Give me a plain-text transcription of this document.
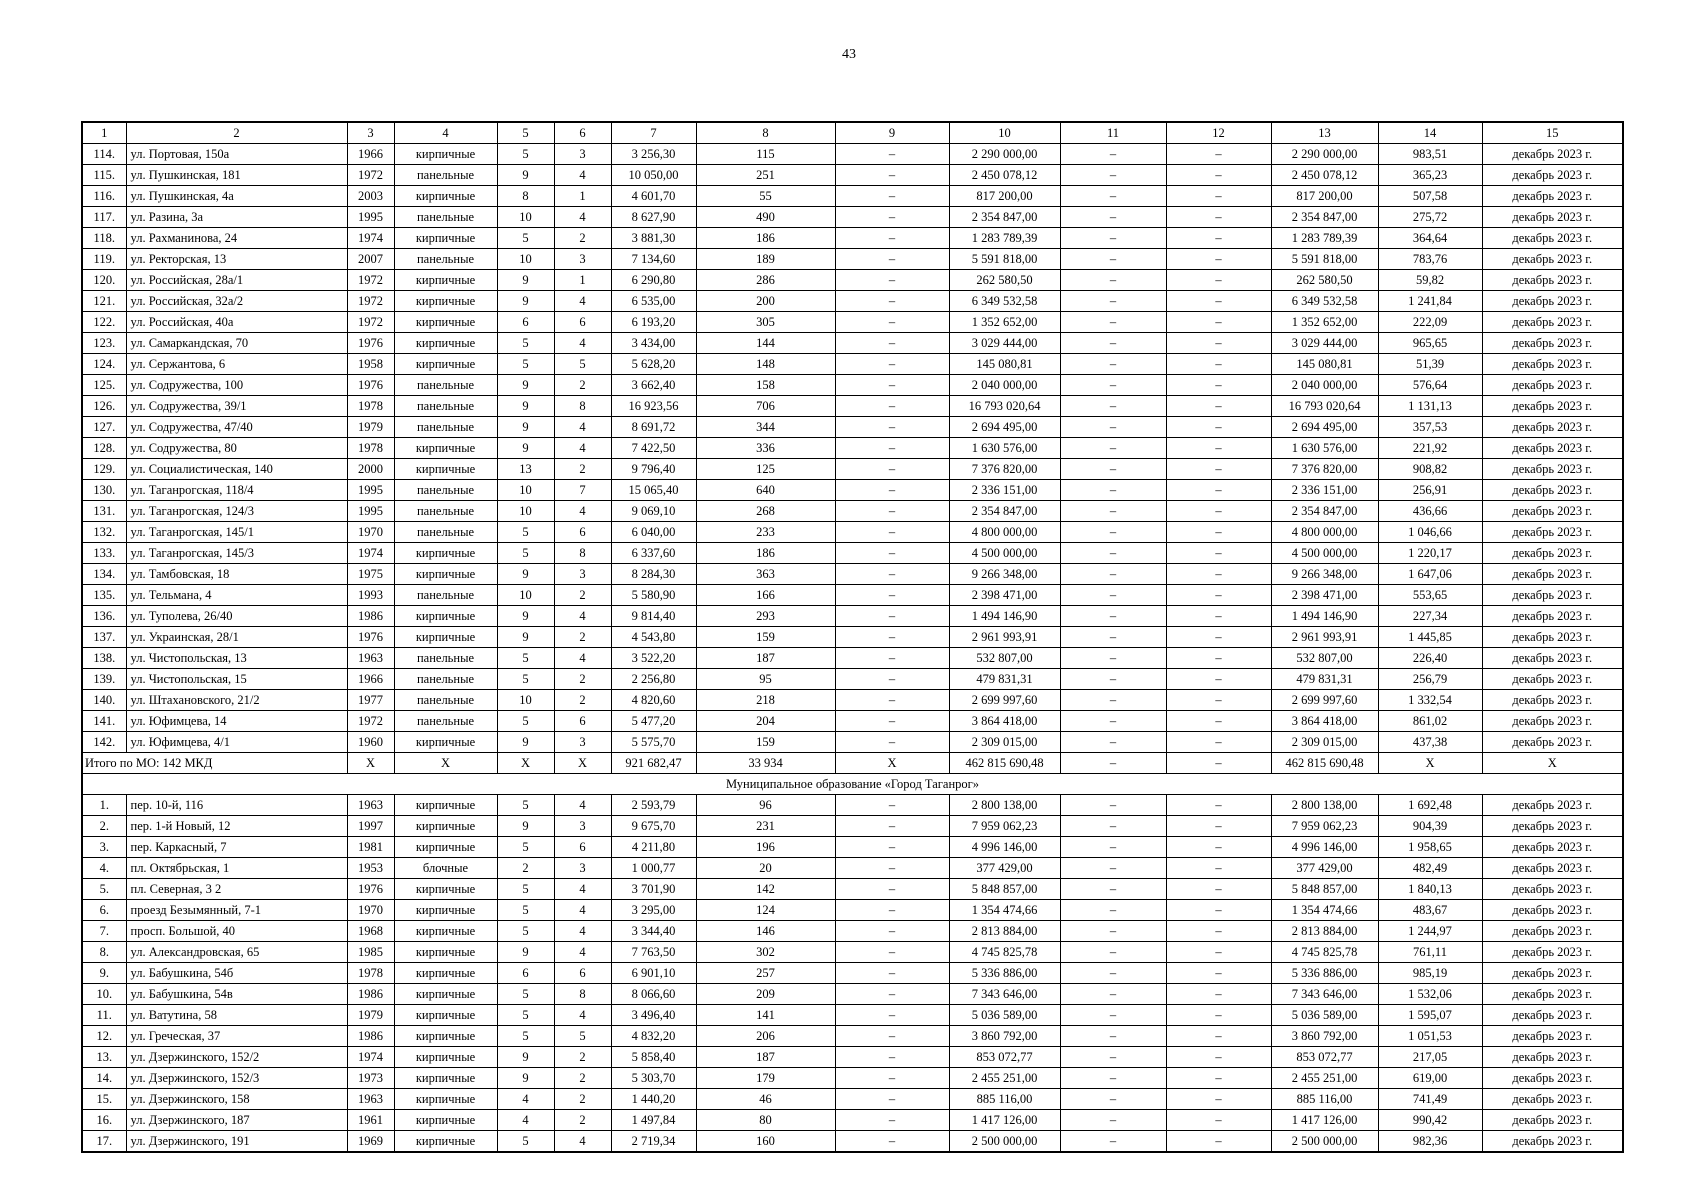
43
1	2	3	4	5	6	7	8	9	10	11	12	13	14	15
114.	ул. Портовая, 150а	1966	кирпичные	5	3	3 256,30	115	–	2 290 000,00	–	–	2 290 000,00	983,51	декабрь 2023 г.
115.	ул. Пушкинская, 181	1972	панельные	9	4	10 050,00	251	–	2 450 078,12	–	–	2 450 078,12	365,23	декабрь 2023 г.
116.	ул. Пушкинская, 4а	2003	кирпичные	8	1	4 601,70	55	–	817 200,00	–	–	817 200,00	507,58	декабрь 2023 г.
117.	ул. Разина, 3а	1995	панельные	10	4	8 627,90	490	–	2 354 847,00	–	–	2 354 847,00	275,72	декабрь 2023 г.
118.	ул. Рахманинова, 24	1974	кирпичные	5	2	3 881,30	186	–	1 283 789,39	–	–	1 283 789,39	364,64	декабрь 2023 г.
119.	ул. Ректорская, 13	2007	панельные	10	3	7 134,60	189	–	5 591 818,00	–	–	5 591 818,00	783,76	декабрь 2023 г.
120.	ул. Российская, 28а/1	1972	кирпичные	9	1	6 290,80	286	–	262 580,50	–	–	262 580,50	59,82	декабрь 2023 г.
121.	ул. Российская, 32а/2	1972	кирпичные	9	4	6 535,00	200	–	6 349 532,58	–	–	6 349 532,58	1 241,84	декабрь 2023 г.
122.	ул. Российская, 40а	1972	кирпичные	6	6	6 193,20	305	–	1 352 652,00	–	–	1 352 652,00	222,09	декабрь 2023 г.
123.	ул. Самаркандская, 70	1976	кирпичные	5	4	3 434,00	144	–	3 029 444,00	–	–	3 029 444,00	965,65	декабрь 2023 г.
124.	ул. Сержантова, 6	1958	кирпичные	5	5	5 628,20	148	–	145 080,81	–	–	145 080,81	51,39	декабрь 2023 г.
125.	ул. Содружества, 100	1976	панельные	9	2	3 662,40	158	–	2 040 000,00	–	–	2 040 000,00	576,64	декабрь 2023 г.
126.	ул. Содружества, 39/1	1978	панельные	9	8	16 923,56	706	–	16 793 020,64	–	–	16 793 020,64	1 131,13	декабрь 2023 г.
127.	ул. Содружества, 47/40	1979	панельные	9	4	8 691,72	344	–	2 694 495,00	–	–	2 694 495,00	357,53	декабрь 2023 г.
128.	ул. Содружества, 80	1978	кирпичные	9	4	7 422,50	336	–	1 630 576,00	–	–	1 630 576,00	221,92	декабрь 2023 г.
129.	ул. Социалистическая, 140	2000	кирпичные	13	2	9 796,40	125	–	7 376 820,00	–	–	7 376 820,00	908,82	декабрь 2023 г.
130.	ул. Таганрогская, 118/4	1995	панельные	10	7	15 065,40	640	–	2 336 151,00	–	–	2 336 151,00	256,91	декабрь 2023 г.
131.	ул. Таганрогская, 124/3	1995	панельные	10	4	9 069,10	268	–	2 354 847,00	–	–	2 354 847,00	436,66	декабрь 2023 г.
132.	ул. Таганрогская, 145/1	1970	панельные	5	6	6 040,00	233	–	4 800 000,00	–	–	4 800 000,00	1 046,66	декабрь 2023 г.
133.	ул. Таганрогская, 145/3	1974	кирпичные	5	8	6 337,60	186	–	4 500 000,00	–	–	4 500 000,00	1 220,17	декабрь 2023 г.
134.	ул. Тамбовская, 18	1975	кирпичные	9	3	8 284,30	363	–	9 266 348,00	–	–	9 266 348,00	1 647,06	декабрь 2023 г.
135.	ул. Тельмана, 4	1993	панельные	10	2	5 580,90	166	–	2 398 471,00	–	–	2 398 471,00	553,65	декабрь 2023 г.
136.	ул. Туполева, 26/40	1986	кирпичные	9	4	9 814,40	293	–	1 494 146,90	–	–	1 494 146,90	227,34	декабрь 2023 г.
137.	ул. Украинская, 28/1	1976	кирпичные	9	2	4 543,80	159	–	2 961 993,91	–	–	2 961 993,91	1 445,85	декабрь 2023 г.
138.	ул. Чистопольская, 13	1963	панельные	5	4	3 522,20	187	–	532 807,00	–	–	532 807,00	226,40	декабрь 2023 г.
139.	ул. Чистопольская, 15	1966	панельные	5	2	2 256,80	95	–	479 831,31	–	–	479 831,31	256,79	декабрь 2023 г.
140.	ул. Штахановского, 21/2	1977	панельные	10	2	4 820,60	218	–	2 699 997,60	–	–	2 699 997,60	1 332,54	декабрь 2023 г.
141.	ул. Юфимцева, 14	1972	панельные	5	6	5 477,20	204	–	3 864 418,00	–	–	3 864 418,00	861,02	декабрь 2023 г.
142.	ул. Юфимцева, 4/1	1960	кирпичные	9	3	5 575,70	159	–	2 309 015,00	–	–	2 309 015,00	437,38	декабрь 2023 г.
Итого по МО: 142 МКД		X	X	X	X	921 682,47	33 934	X	462 815 690,48	–	–	462 815 690,48	X	X
Муниципальное образование «Город Таганрог»														
1.	пер. 10-й, 116	1963	кирпичные	5	4	2 593,79	96	–	2 800 138,00	–	–	2 800 138,00	1 692,48	декабрь 2023 г.
2.	пер. 1-й Новый, 12	1997	кирпичные	9	3	9 675,70	231	–	7 959 062,23	–	–	7 959 062,23	904,39	декабрь 2023 г.
3.	пер. Каркасный, 7	1981	кирпичные	5	6	4 211,80	196	–	4 996 146,00	–	–	4 996 146,00	1 958,65	декабрь 2023 г.
4.	пл. Октябрьская, 1	1953	блочные	2	3	1 000,77	20	–	377 429,00	–	–	377 429,00	482,49	декабрь 2023 г.
5.	пл. Северная, 3 2	1976	кирпичные	5	4	3 701,90	142	–	5 848 857,00	–	–	5 848 857,00	1 840,13	декабрь 2023 г.
6.	проезд Безымянный, 7-1	1970	кирпичные	5	4	3 295,00	124	–	1 354 474,66	–	–	1 354 474,66	483,67	декабрь 2023 г.
7.	просп. Большой, 40	1968	кирпичные	5	4	3 344,40	146	–	2 813 884,00	–	–	2 813 884,00	1 244,97	декабрь 2023 г.
8.	ул. Александровская, 65	1985	кирпичные	9	4	7 763,50	302	–	4 745 825,78	–	–	4 745 825,78	761,11	декабрь 2023 г.
9.	ул. Бабушкина, 54б	1978	кирпичные	6	6	6 901,10	257	–	5 336 886,00	–	–	5 336 886,00	985,19	декабрь 2023 г.
10.	ул. Бабушкина, 54в	1986	кирпичные	5	8	8 066,60	209	–	7 343 646,00	–	–	7 343 646,00	1 532,06	декабрь 2023 г.
11.	ул. Ватутина, 58	1979	кирпичные	5	4	3 496,40	141	–	5 036 589,00	–	–	5 036 589,00	1 595,07	декабрь 2023 г.
12.	ул. Греческая, 37	1986	кирпичные	5	5	4 832,20	206	–	3 860 792,00	–	–	3 860 792,00	1 051,53	декабрь 2023 г.
13.	ул. Дзержинского, 152/2	1974	кирпичные	9	2	5 858,40	187	–	853 072,77	–	–	853 072,77	217,05	декабрь 2023 г.
14.	ул. Дзержинского, 152/3	1973	кирпичные	9	2	5 303,70	179	–	2 455 251,00	–	–	2 455 251,00	619,00	декабрь 2023 г.
15.	ул. Дзержинского, 158	1963	кирпичные	4	2	1 440,20	46	–	885 116,00	–	–	885 116,00	741,49	декабрь 2023 г.
16.	ул. Дзержинского, 187	1961	кирпичные	4	2	1 497,84	80	–	1 417 126,00	–	–	1 417 126,00	990,42	декабрь 2023 г.
17.	ул. Дзержинского, 191	1969	кирпичные	5	4	2 719,34	160	–	2 500 000,00	–	–	2 500 000,00	982,36	декабрь 2023 г.
